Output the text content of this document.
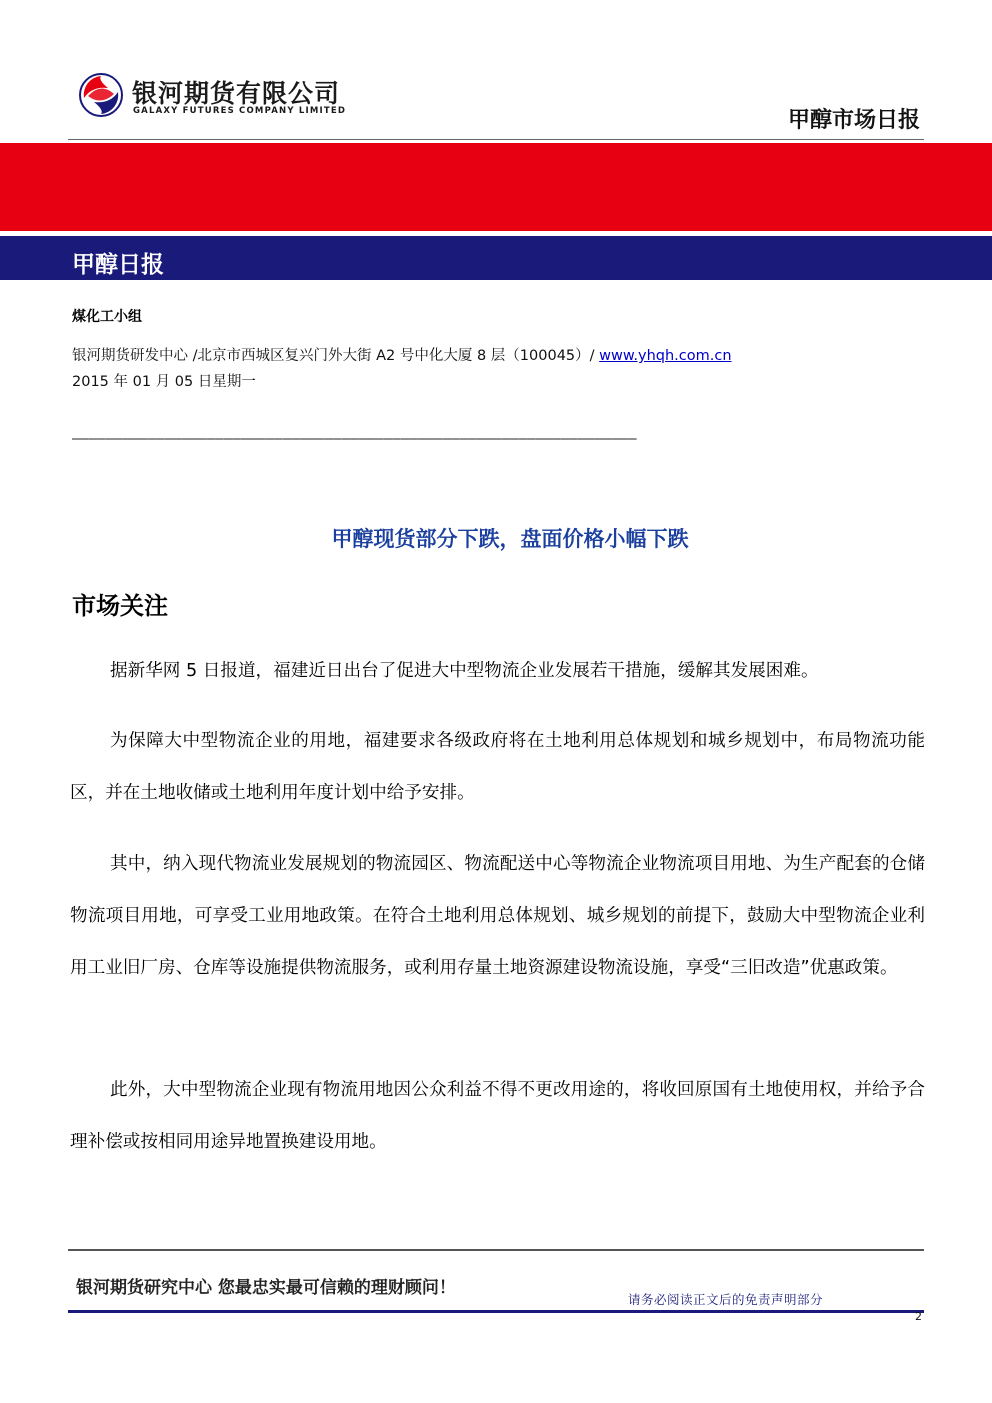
银河期货有限公司
GALAXY FUTURES COMPANY LIMITED	甲醇市场日报
甲醇日报
煤化工小组
银河期货研发中心 /北京市西城区复兴门外大街 A2 号中化大厦 8 层（100045）/ www.yhqh.com.cn
2015 年 01 月 05 日星期一
—––––––––––––––––––––––––––––––––––––––––––––––––––––––––––––––––––
甲醇现货部分下跌，盘面价格小幅下跌
市场关注

据新华网 5 日报道，福建近日出台了促进大中型物流企业发展若干措施，缓解其发展困难。

为保障大中型物流企业的用地，福建要求各级政府将在土地利用总体规划和城乡规划中，布局物流功能区，并在土地收储或土地利用年度计划中给予安排。

其中，纳入现代物流业发展规划的物流园区、物流配送中心等物流企业物流项目用地、为生产配套的仓储物流项目用地，可享受工业用地政策。在符合土地利用总体规划、城乡规划的前提下，鼓励大中型物流企业利用工业旧厂房、仓库等设施提供物流服务，或利用存量土地资源建设物流设施，享受“三旧改造”优惠政策。

此外，大中型物流企业现有物流用地因公众利益不得不更改用途的，将收回原国有土地使用权，并给予合理补偿或按相同用途异地置换建设用地。

银河期货研究中心 您最忠实最可信赖的理财顾问！
请务必阅读正文后的免责声明部分
2
